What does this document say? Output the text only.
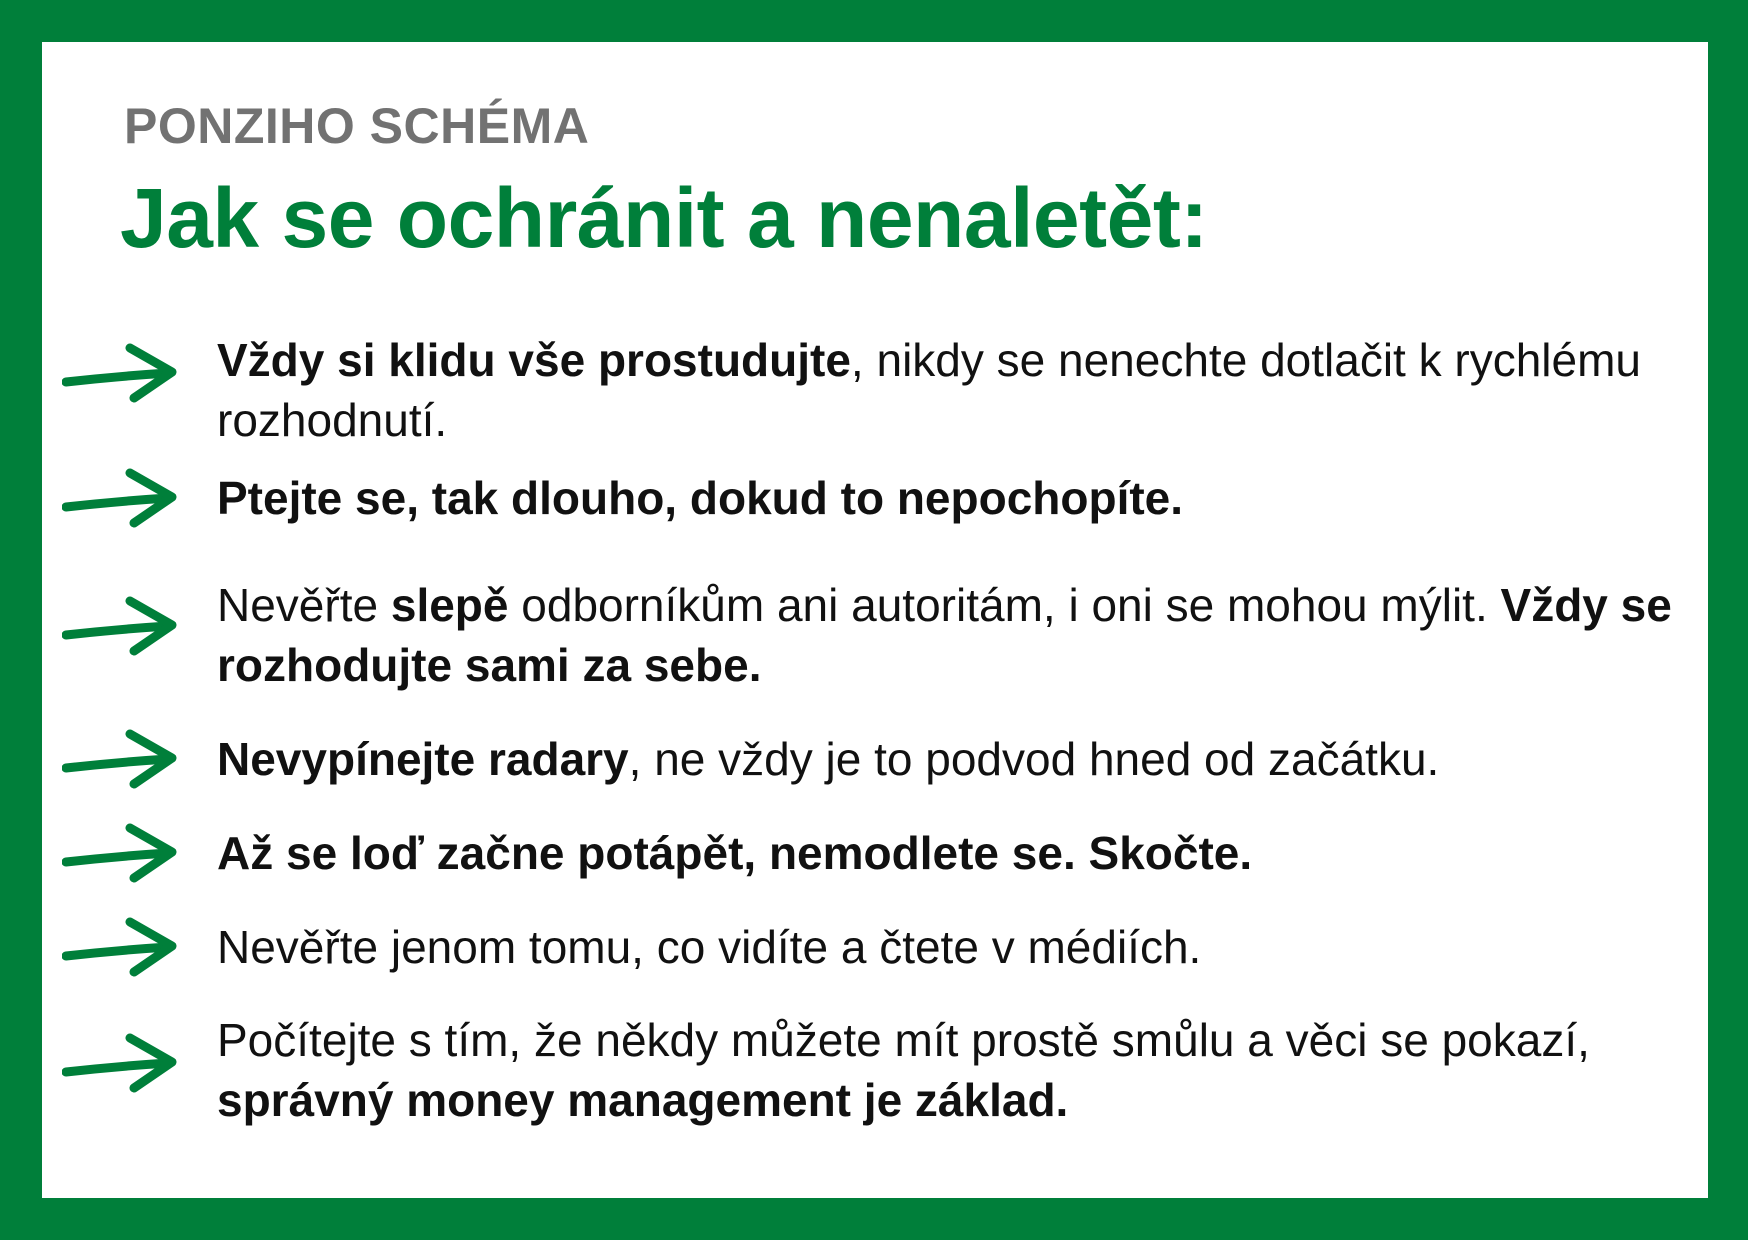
PONZIHO SCHÉMA
Jak se ochránit a nenaletět:
Vždy si klidu vše prostudujte, nikdy se nenechte dotlačit k rychlému rozhodnutí.
Ptejte se, tak dlouho, dokud to nepochopíte.
Nevěřte slepě odborníkům ani autoritám, i oni se mohou mýlit. Vždy se rozhodujte sami za sebe.
Nevypínejte radary, ne vždy je to podvod hned od začátku.
Až se loď začne potápět, nemodlete se. Skočte.
Nevěřte jenom tomu, co vidíte a čtete v médiích.
Počítejte s tím, že někdy můžete mít prostě smůlu a věci se pokazí, správný money management je základ.
